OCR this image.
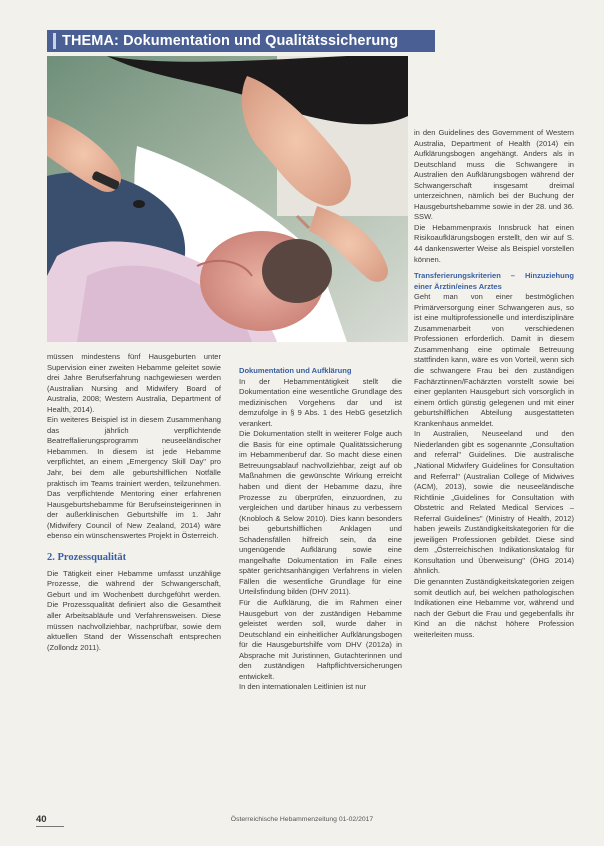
THEMA: Dokumentation und Qualitätssicherung

müssen mindestens fünf Hausgeburten unter Supervision einer zweiten Hebamme geleitet sowie drei Jahre Berufserfahrung nachgewiesen werden (Australian Nursing and Midwifery Board of Australia, 2008; Western Australia, Department of Health, 2014).

Ein weiteres Beispiel ist in diesem Zusammenhang das jährlich verpflichtende Beatreffalierungsprogramm neuseeländischer Hebammen. In diesem ist jede Hebamme verpflichtet, an einem „Emergency Skill Day" pro Jahr, bei dem alle geburtshilflichen Notfälle praktisch im Teams trainiert werden, teilzunehmen. Das verpflichtende Mentoring einer erfahrenen Hausgeburtshebamme für Berufseinsteigerinnen in der außerklinischen Geburtshilfe im 1. Jahr (Midwifery Council of New Zealand, 2014) wäre ebenso ein wünschenswertes Projekt in Österreich.

2. Prozessqualität

Die Tätigkeit einer Hebamme umfasst unzählige Prozesse, die während der Schwangerschaft, Geburt und im Wochenbett durchgeführt werden. Die Prozessqualität definiert also die Gesamtheit aller Arbeitsabläufe und Verfahrensweisen. Diese müssen nachvollziehbar, nachprüfbar, sowie dem aktuellen Stand der Wissenschaft entsprechen (Zollondz 2011).

Dokumentation und Aufklärung

In der Hebammentätigkeit stellt die Dokumentation eine wesentliche Grundlage des medizinischen Vorgehens dar und ist demzufolge in § 9 Abs. 1 des HebG gesetzlich verankert.

Die Dokumentation stellt in weiterer Folge auch die Basis für eine optimale Qualitätssicherung im Hebammenberuf dar. So macht diese einen Betreuungsablauf nachvollziehbar, zeigt auf ob Maßnahmen die gewünschte Wirkung erreicht haben und dient der Hebamme dazu, ihre Prozesse zu überprüfen, einzuordnen, zu vergleichen und darüber hinaus zu verbessern (Knobloch & Selow 2010). Dies kann besonders bei geburtshilflichen Anklagen und Schadensfällen hilfreich sein, da eine ungenügende Aufklärung sowie eine mangelhafte Dokumentation im Falle eines später gerichtsanhängigen Verfahrens in vielen Fällen die wesentliche Grundlage für eine Urteilsfindung bilden (DHV 2011).

Für die Aufklärung, die im Rahmen einer Hausgeburt von der zuständigen Hebamme geleistet werden soll, wurde daher in Deutschland ein einheitlicher Aufklärungsbogen für die Hausgeburtshilfe vom DHV (2012a) in Absprache mit Juristinnen, Gutachterinnen und den zuständigen Haftpflichtversicherungen entwickelt.

In den internationalen Leitlinien ist nur

in den Guidelines des Government of Western Australia, Department of Health (2014) ein Aufklärungsbogen angehängt. Anders als in Deutschland muss die Schwangere in Australien den Aufklärungsbogen während der Schwangerschaft insgesamt dreimal unterzeichnen, nämlich bei der Buchung der Hausgeburtshebamme sowie in der 28. und 36. SSW.

Die Hebammenpraxis Innsbruck hat einen Risikoaufklärungsbogen erstellt, den wir auf S. 44 dankenswerter Weise als Beispiel vorstellen können.

Transferierungskriterien – Hinzuziehung einer Ärztin/eines Arztes

Geht man von einer bestmöglichen Primärversorgung einer Schwangeren aus, so ist eine multiprofessionelle und interdisziplinäre Zusammenarbeit von verschiedenen Professionen erforderlich. Damit in diesem Zusammenhang eine optimale Betreuung stattfinden kann, wäre es von Vorteil, wenn sich die schwangere Frau bei den zuständigen Fachärztinnen/Fachärzten vorstellt sowie bei einer geplanten Hausgeburt sich vorsorglich in einem örtlich günstig gelegenen und mit einer geburtshilflichen Abteilung ausgestatteten Krankenhaus anmeldet.

In Australien, Neuseeland und den Niederlanden gibt es sogenannte „Consultation and referral" Guidelines. Die australische „National Midwifery Guidelines for Consultation and Referral" (Australian College of Midwives (ACM), 2013), sowie die neuseeländische Richtlinie „Guidelines for Consultation with Obstetric and Related Medical Services – Referral Guidelines" (Ministry of Health, 2012) haben jeweils Zuständigkeitskategorien für die jeweiligen Professionen gebildet. Diese sind dem „Österreichischen Indikationskatalog für Konsultation und Überweisung" (ÖHG 2014) ähnlich.

Die genannten Zuständigkeitskategorien zeigen somit deutlich auf, bei welchen pathologischen Indikationen eine Hebamme vor, während und nach der Geburt die Frau und gegebenfalls ihr Kind an die nächst höhere Profession weiterleiten muss.

40	Österreichische Hebammenzeitung 01-02/2017
